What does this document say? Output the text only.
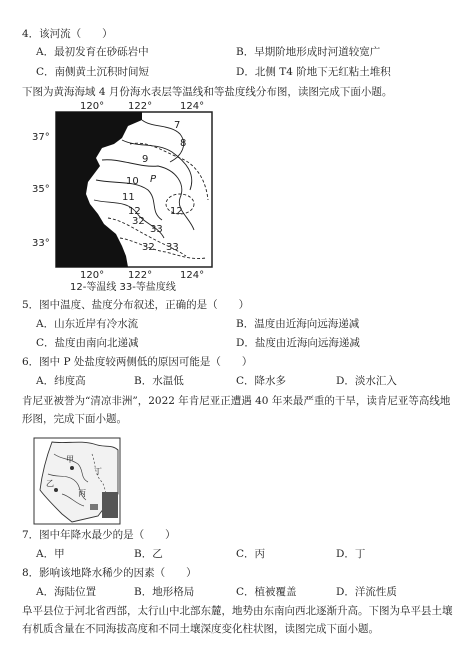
4．该河流（　　）
A．最初发育在砂砾岩中	B．早期阶地形成时河道较宽广
C．南侧黄土沉积时间短	D．北侧 T4 阶地下无红粘土堆积
下图为黄海海域 4 月份海水表层等温线和等盐度线分布图，读图完成下面小题。
120° 122°	124°
37°
35°
33°
7
8
9
10
11
12	12
33
32
33
32
P
120° 122°	124°
12-等温线 33-等盐度线
5．图中温度、盐度分布叙述，正确的是（　　）
A．山东近岸有冷水流	B．温度由近海向远海递减
C．盐度由南向北递减	D．盐度由近海向远海递减
6．图中 P 处盐度较两侧低的原因可能是（　　）
A．纬度高	B．水温低	C．降水多	D．淡水汇入
肯尼亚被誉为“清凉非洲”，2022 年肯尼亚正遭遇 40 年来最严重的干旱，读肯尼亚等高线地形图，完成下面小题。
甲
乙
丙
丁
7．图中年降水最少的是（　　）
A．甲	B．乙	C．丙	D．丁
8．影响该地降水稀少的因素（　　）
A．海陆位置	B．地形格局	C．植被覆盖	D．洋流性质
阜平县位于河北省西部，太行山中北部东麓，地势由东南向西北逐渐升高。下图为阜平县土壤有机质含量在不同海拔高度和不同土壤深度变化柱状图，读图完成下面小题。
